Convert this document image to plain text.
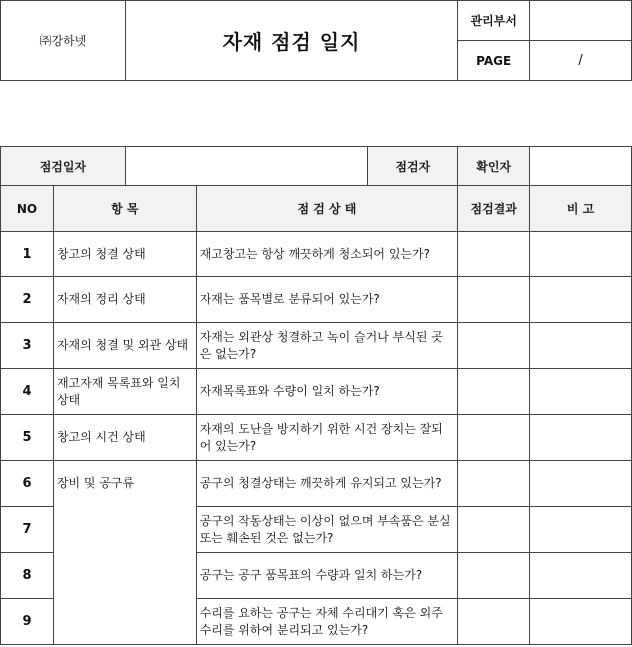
㈜강하넷	자재 점검 일지	관리부서	
		PAGE	/
점검일자				점검자	확인자	
NO	항 목		점 검 상 태		점검결과	비 고
1	창고의 청결 상태		재고창고는 항상 깨끗하게 청소되어 있는가?			
2	자재의 정리 상태		자재는 품목별로 분류되어 있는가?			
3	자재의 청결 및 외관 상태		자재는 외관상 청결하고 녹이 슬거나 부식된 곳은 없는가?			
4	재고자재 목록표와 일치 상태		자재목록표와 수량이 일치 하는가?			
5	창고의 시건 상태		자재의 도난을 방지하기 위한 시건 장치는 잘되어 있는가?			
6	장비 및 공구류		공구의 청결상태는 깨끗하게 유지되고 있는가?			
7			공구의 작동상태는 이상이 없으며 부속품은 분실 또는 훼손된 것은 없는가?			
8			공구는 공구 품목표의 수량과 일치 하는가?			
9			수리를 요하는 공구는 자체 수리대기 혹은 외주 수리를 위하여 분리되고 있는가?			
